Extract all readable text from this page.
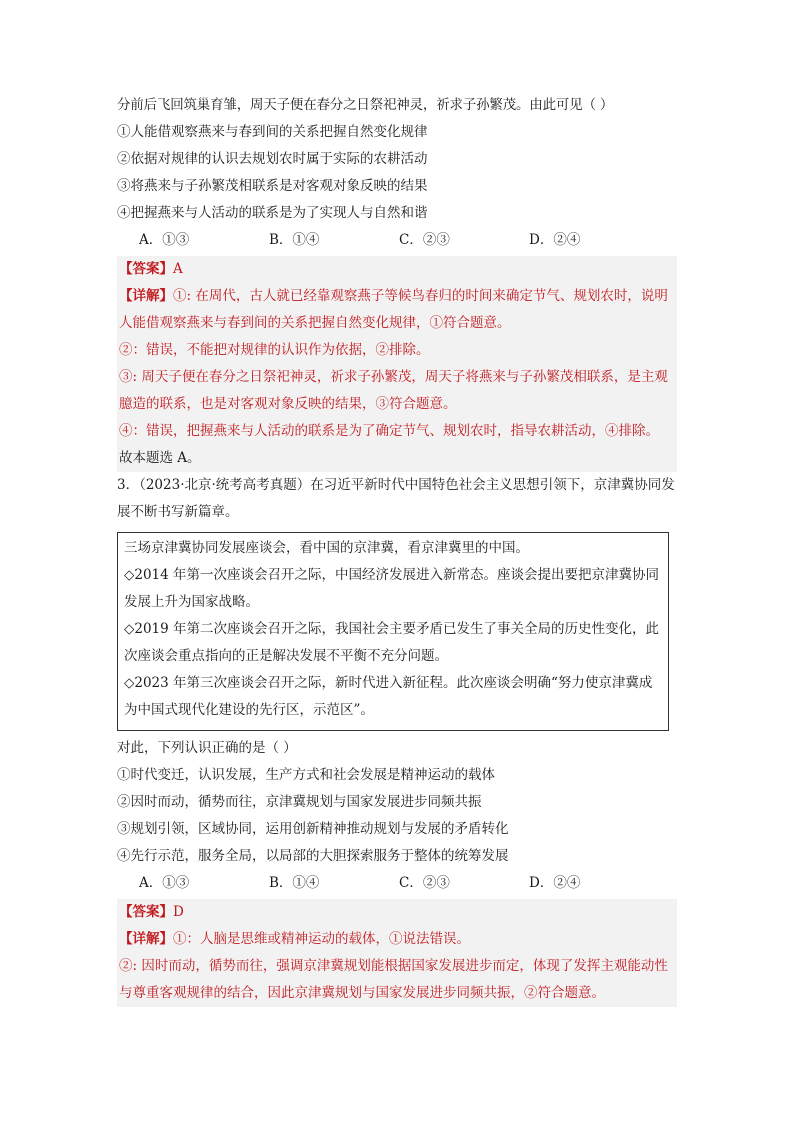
分前后飞回筑巢育雏，周天子便在春分之日祭祀神灵，祈求子孙繁茂。由此可见（ ）
①人能借观察燕来与春到间的关系把握自然变化规律
②依据对规律的认识去规划农时属于实际的农耕活动
③将燕来与子孙繁茂相联系是对客观对象反映的结果
④把握燕来与人活动的联系是为了实现人与自然和谐
A．①③	B．①④	C．②③	D．②④
【答案】A
【详解】①: 在周代，古人就已经靠观察燕子等候鸟春归的时间来确定节气、规划农时，说明人能借观察燕来与春到间的关系把握自然变化规律，①符合题意。
②：错误，不能把对规律的认识作为依据，②排除。
③: 周天子便在春分之日祭祀神灵，祈求子孙繁茂，周天子将燕来与子孙繁茂相联系，是主观臆造的联系，也是对客观对象反映的结果，③符合题意。
④：错误，把握燕来与人活动的联系是为了确定节气、规划农时，指导农耕活动，④排除。
故本题选 A。
3．（2023·北京·统考高考真题）在习近平新时代中国特色社会主义思想引领下，京津冀协同发展不断书写新篇章。
三场京津冀协同发展座谈会，看中国的京津冀，看京津冀里的中国。
◇2014 年第一次座谈会召开之际，中国经济发展进入新常态。座谈会提出要把京津冀协同发展上升为国家战略。
◇2019 年第二次座谈会召开之际，我国社会主要矛盾已发生了事关全局的历史性变化，此次座谈会重点指向的正是解决发展不平衡不充分问题。
◇2023 年第三次座谈会召开之际，新时代进入新征程。此次座谈会明确“努力使京津冀成为中国式现代化建设的先行区，示范区”。
对此，下列认识正确的是（ ）
①时代变迁，认识发展，生产方式和社会发展是精神运动的载体
②因时而动，循势而往，京津冀规划与国家发展进步同频共振
③规划引领，区域协同，运用创新精神推动规划与发展的矛盾转化
④先行示范，服务全局，以局部的大胆探索服务于整体的统筹发展
A．①③	B．①④	C．②③	D．②④
【答案】D
【详解】①：人脑是思维或精神运动的载体，①说法错误。
②: 因时而动，循势而往，强调京津冀规划能根据国家发展进步而定，体现了发挥主观能动性与尊重客观规律的结合，因此京津冀规划与国家发展进步同频共振，②符合题意。
